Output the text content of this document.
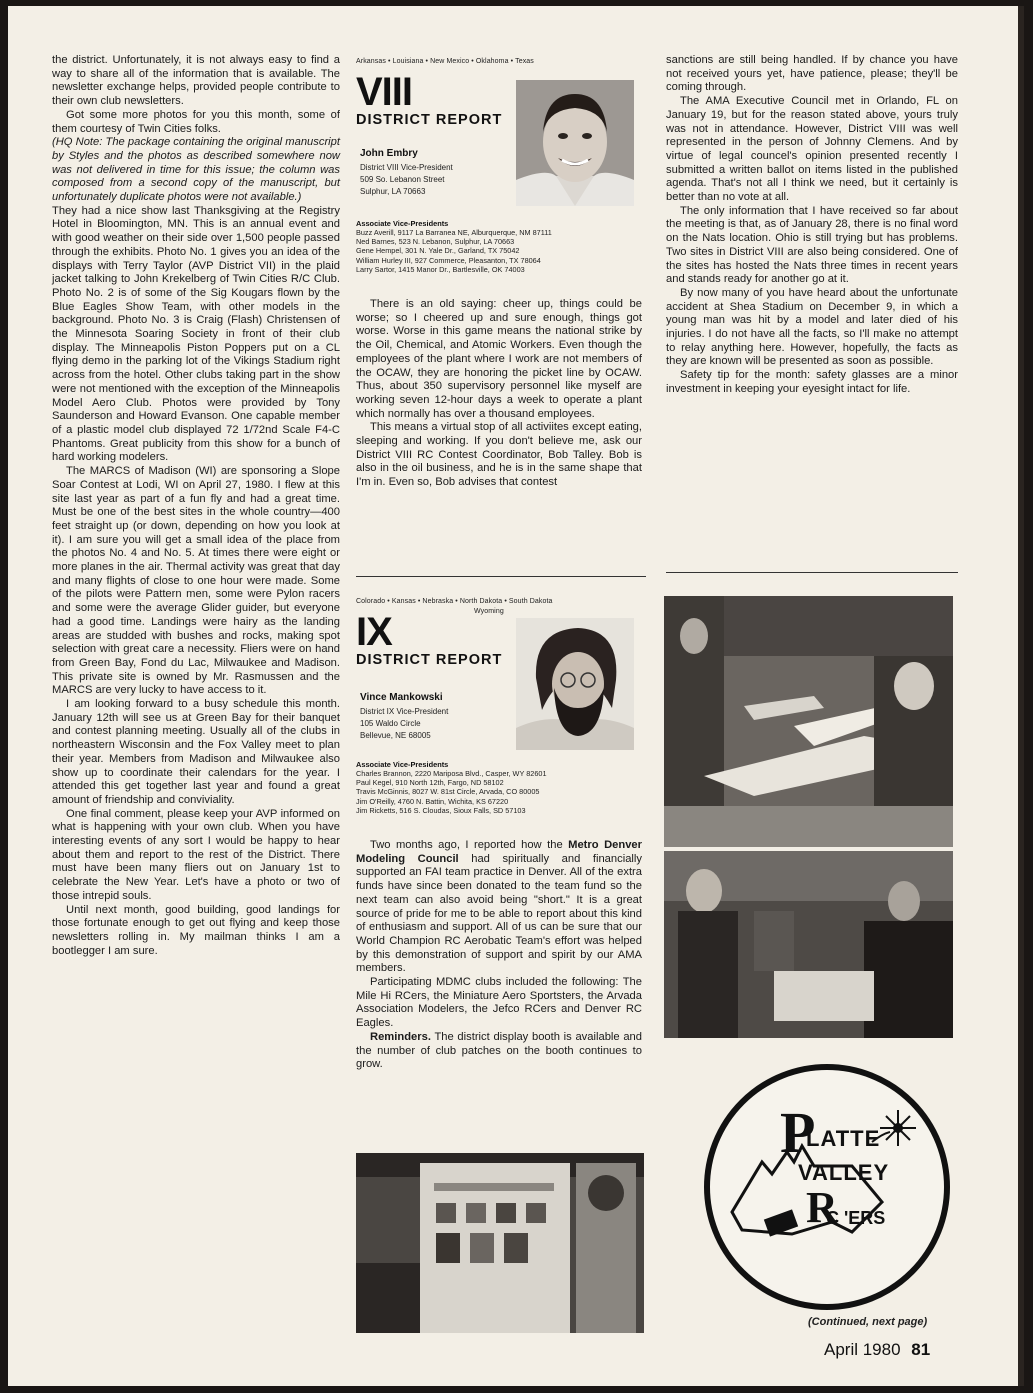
the district. Unfortunately, it is not always easy to find a way to share all of the information that is available. The newsletter exchange helps, provided people contribute to their own club newsletters.

Got some more photos for you this month, some of them courtesy of Twin Cities folks.

(HQ Note: The package containing the original manuscript by Styles and the photos as described somewhere now was not delivered in time for this issue; the column was composed from a second copy of the manuscript, but unfortunately duplicate photos were not available.)

They had a nice show last Thanksgiving at the Registry Hotel in Bloomington, MN. This is an annual event and with good weather on their side over 1,500 people passed through the exhibits. Photo No. 1 gives you an idea of the displays with Terry Taylor (AVP District VII) in the plaid jacket talking to John Krekelberg of Twin Cities R/C Club. Photo No. 2 is of some of the Sig Kougars flown by the Blue Eagles Show Team, with other models in the background. Photo No. 3 is Craig (Flash) Christensen of the Minnesota Soaring Society in front of their club display. The Minneapolis Piston Poppers put on a CL flying demo in the parking lot of the Vikings Stadium right across from the hotel. Other clubs taking part in the show were not mentioned with the exception of the Minneapolis Model Aero Club. Photos were provided by Tony Saunderson and Howard Evanson. One capable member of a plastic model club displayed 72 1/72nd Scale F4-C Phantoms. Great publicity from this show for a bunch of hard working modelers.

The MARCS of Madison (WI) are sponsoring a Slope Soar Contest at Lodi, WI on April 27, 1980. I flew at this site last year as part of a fun fly and had a great time. Must be one of the best sites in the whole country—400 feet straight up (or down, depending on how you look at it). I am sure you will get a small idea of the place from the photos No. 4 and No. 5. At times there were eight or more planes in the air. Thermal activity was great that day and many flights of close to one hour were made. Some of the pilots were Pattern men, some were Pylon racers and some were the average Glider guider, but everyone had a good time. Landings were hairy as the landing areas are studded with bushes and rocks, making spot selection with great care a necessity. Fliers were on hand from Green Bay, Fond du Lac, Milwaukee and Madison. This private site is owned by Mr. Rasmussen and the MARCS are very lucky to have access to it.

I am looking forward to a busy schedule this month. January 12th will see us at Green Bay for their banquet and contest planning meeting. Usually all of the clubs in northeastern Wisconsin and the Fox Valley meet to plan their year. Members from Madison and Milwaukee also show up to coordinate their calendars for the year. I attended this get together last year and found a great amount of friendship and conviviality.

One final comment, please keep your AVP informed on what is happening with your own club. When you have interesting events of any sort I would be happy to hear about them and report to the rest of the District. There must have been many fliers out on January 1st to celebrate the New Year. Let's have a photo or two of those intrepid souls.

Until next month, good building, good landings for those fortunate enough to get out flying and keep those newsletters rolling in. My mailman thinks I am a bootlegger I am sure.

Arkansas • Louisiana • New Mexico • Oklahoma • Texas
VIII
DISTRICT REPORT
John Embry
District VIII Vice-President
509 So. Lebanon Street
Sulphur, LA 70663
Associate Vice-Presidents
Buzz Averill, 9117 La Barranea NE, Alburquerque, NM 87111
Ned Barnes, 523 N. Lebanon, Sulphur, LA 70663
Gene Hempel, 301 N. Yale Dr., Garland, TX 75042
William Hurley III, 927 Commerce, Pleasanton, TX 78064
Larry Sartor, 1415 Manor Dr., Bartlesville, OK 74003

There is an old saying: cheer up, things could be worse; so I cheered up and sure enough, things got worse. Worse in this game means the national strike by the Oil, Chemical, and Atomic Workers. Even though the employees of the plant where I work are not members of the OCAW, they are honoring the picket line by OCAW. Thus, about 350 supervisory personnel like myself are working seven 12-hour days a week to operate a plant which normally has over a thousand employees.

This means a virtual stop of all activiites except eating, sleeping and working. If you don't believe me, ask our District VIII RC Contest Coordinator, Bob Talley. Bob is also in the oil business, and he is in the same shape that I'm in. Even so, Bob advises that contest

sanctions are still being handled. If by chance you have not received yours yet, have patience, please; they'll be coming through.

The AMA Executive Council met in Orlando, FL on January 19, but for the reason stated above, yours truly was not in attendance. However, District VIII was well represented in the person of Johnny Clemens. And by virtue of legal councel's opinion presented recently I submitted a written ballot on items listed in the published agenda. That's not all I think we need, but it certainly is better than no vote at all.

The only information that I have received so far about the meeting is that, as of January 28, there is no final word on the Nats location. Ohio is still trying but has problems. Two sites in District VIII are also being considered. One of the sites has hosted the Nats three times in recent years and stands ready for another go at it.

By now many of you have heard about the unfortunate accident at Shea Stadium on December 9, in which a young man was hit by a model and later died of his injuries. I do not have all the facts, so I'll make no attempt to relay anything here. However, hopefully, the facts as they are known will be presented as soon as possible.

Safety tip for the month: safety glasses are a minor investment in keeping your eyesight intact for life.

Colorado • Kansas • Nebraska • North Dakota • South Dakota
Wyoming
IX
DISTRICT REPORT
Vince Mankowski
District IX Vice-President
105 Waldo Circle
Bellevue, NE 68005
Associate Vice-Presidents
Charles Brannon, 2220 Mariposa Blvd., Casper, WY 82601
Paul Kegel, 910 North 12th, Fargo, ND 58102
Travis McGinnis, 8027 W. 81st Circle, Arvada, CO 80005
Jim O'Reilly, 4760 N. Battin, Wichita, KS 67220
Jim Ricketts, 516 S. Cloudas, Sioux Falls, SD 57103

Two months ago, I reported how the Metro Denver Modeling Council had spiritually and financially supported an FAI team practice in Denver. All of the extra funds have since been donated to the team fund so the next team can also avoid being "short." It is a great source of pride for me to be able to report about this kind of enthusiasm and support. All of us can be sure that our World Champion RC Aerobatic Team's effort was helped by this demonstration of support and spirit by our AMA members.

Participating MDMC clubs included the following: The Mile Hi RCers, the Miniature Aero Sportsters, the Arvada Association Modelers, the Jefco RCers and Denver RC Eagles.

Reminders. The district display booth is available and the number of club patches on the booth continues to grow.

P
LATTE
VALLEY
R
C 'ERS
(Continued, next page)
April 1980 81
